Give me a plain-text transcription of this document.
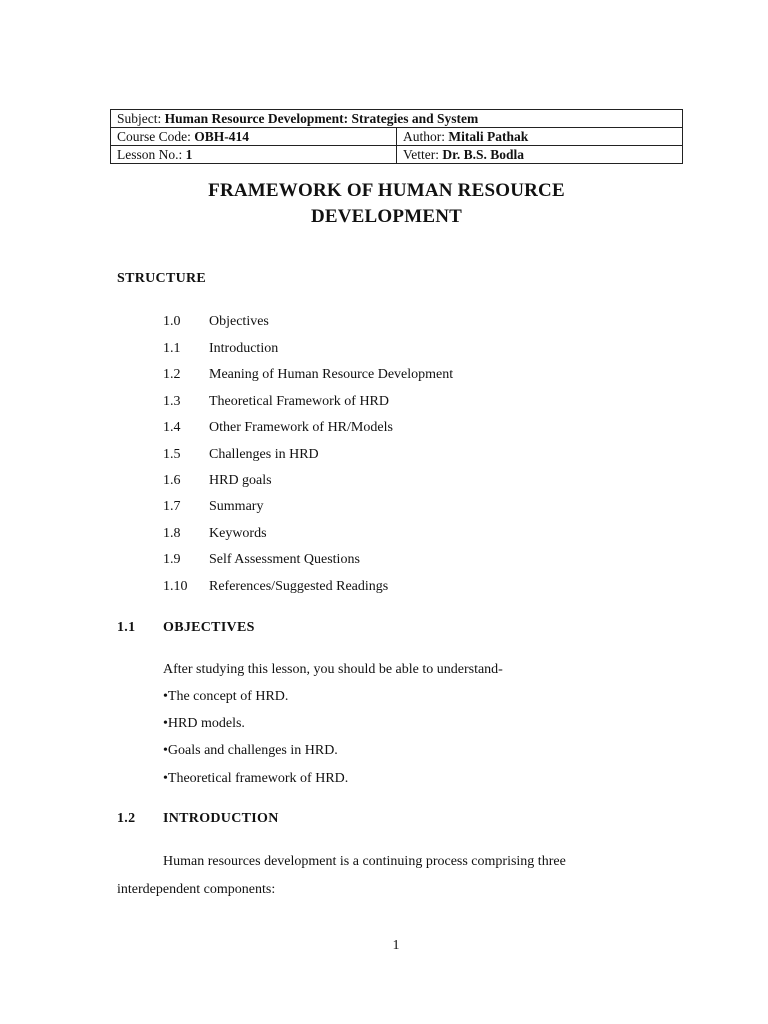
Subject: Human Resource Development: Strategies and System	
Course Code: OBH-414	Author: Mitali Pathak
Lesson No.: 1	Vetter: Dr. B.S. Bodla
FRAMEWORK OF HUMAN RESOURCE
DEVELOPMENT
STRUCTURE
1.0 Objectives
1.1 Introduction
1.2 Meaning of Human Resource Development
1.3 Theoretical Framework of HRD
1.4 Other Framework of HR/Models
1.5 Challenges in HRD
1.6 HRD goals
1.7 Summary
1.8 Keywords
1.9 Self Assessment Questions
1.10 References/Suggested Readings
1.1 OBJECTIVES
After studying this lesson, you should be able to understand-
•The concept of HRD.
•HRD models.
•Goals and challenges in HRD.
•Theoretical framework of HRD.
1.2 INTRODUCTION
Human resources development is a continuing process comprising three
interdependent components:
1
